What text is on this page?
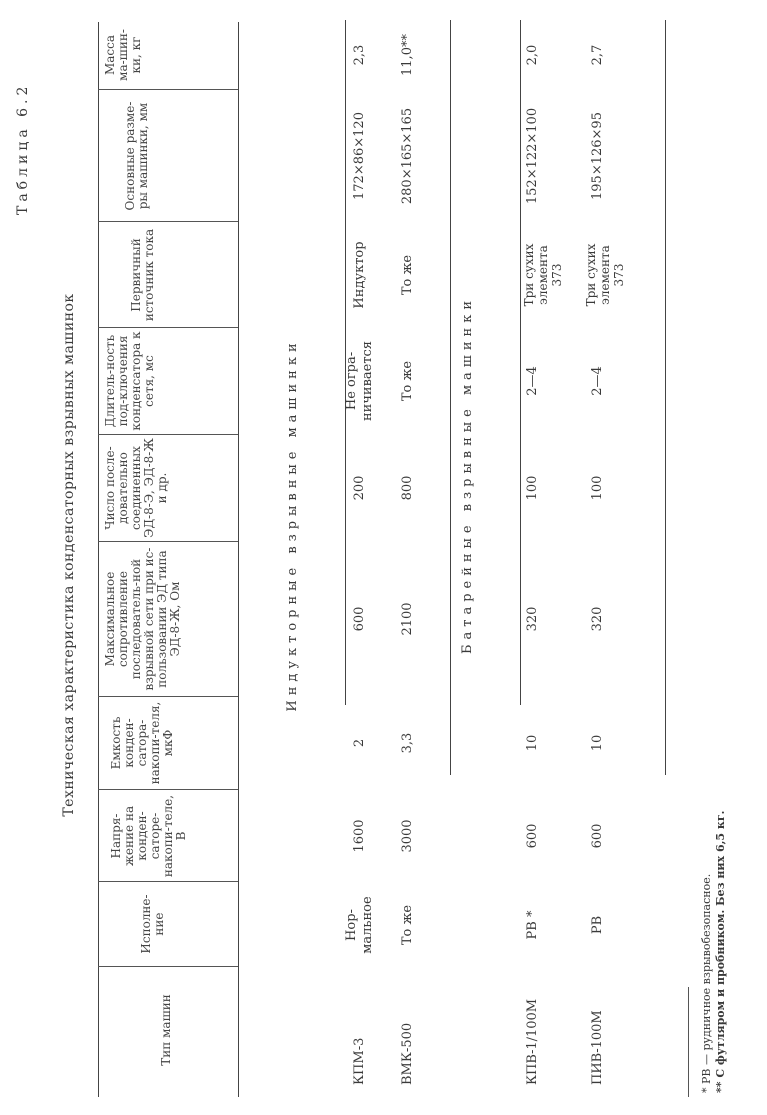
Таблица 6.2
Техническая характеристика конденсаторных взрывных машинок
Тип машин
Исполне-ние
Напря-жение на конден-саторе-накопи-теле, В
Емкость конден-сатора-накопи-теля, мкФ
Максимальное сопротивление последователь-ной взрывной сети при ис-пользовании ЭД типа ЭД-8-Ж, Ом
Число после-довательно соединенных ЭД-8-Э, ЭД-8-Ж и др.
Длитель-ность под-ключения конденсатора к сетя, мс
Первичный источник тока
Основные разме-ры машинки, мм
Масса ма-шин-ки, кг
Индукторные взрывные машинки	Батарейные взрывные машинки
КПМ-3
Нор-мальное
1600
2
600
200
Не огра-ничивается
Индуктор
172×86×120
2,3
ВМК-500
То же
3000
3,3
2100
800
То же
То же
280×165×165
11,0**
КПВ-1/100М
РВ *
600
10
320
100
2—4
Три сухих элемента 373
152×122×100
2,0
ПИВ-100М
РВ
600
10
320
100
2—4
Три сухих элемента 373
195×126×95
2,7
* РВ — рудничное взрывобезопасное. ** С футляром и пробником. Без них 6,5 кг.
